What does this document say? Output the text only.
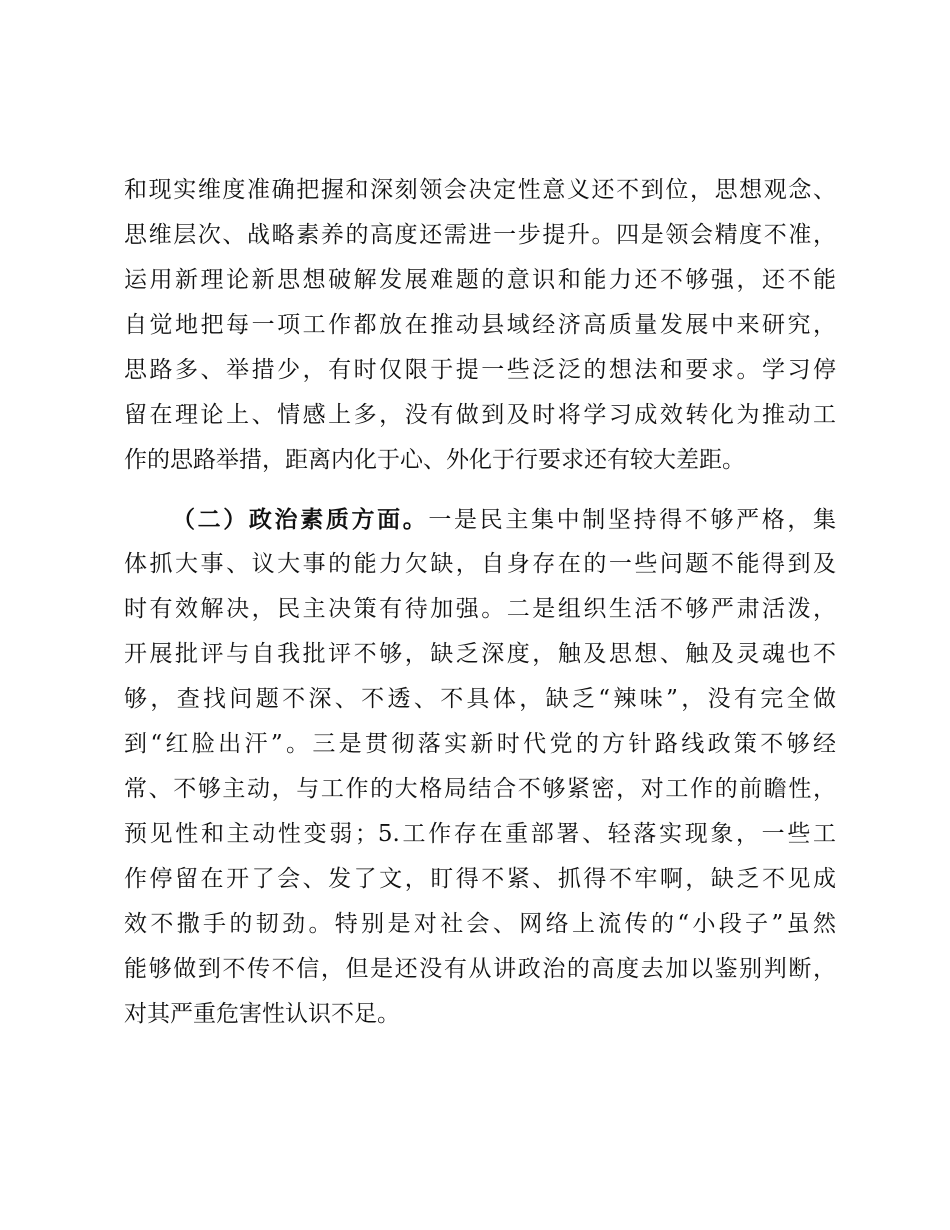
和现实维度准确把握和深刻领会决定性意义还不到位，思想观念、
思维层次、战略素养的高度还需进一步提升。四是领会精度不准，
运用新理论新思想破解发展难题的意识和能力还不够强，还不能
自觉地把每一项工作都放在推动县域经济高质量发展中来研究，
思路多、举措少，有时仅限于提一些泛泛的想法和要求。学习停
留在理论上、情感上多，没有做到及时将学习成效转化为推动工
作的思路举措，距离内化于心、外化于行要求还有较大差距。
（二）政治素质方面。一是民主集中制坚持得不够严格，集
体抓大事、议大事的能力欠缺，自身存在的一些问题不能得到及
时有效解决，民主决策有待加强。二是组织生活不够严肃活泼，
开展批评与自我批评不够，缺乏深度，触及思想、触及灵魂也不
够，查找问题不深、不透、不具体，缺乏“辣味”，没有完全做
到“红脸出汗”。三是贯彻落实新时代党的方针路线政策不够经
常、不够主动，与工作的大格局结合不够紧密，对工作的前瞻性，
预见性和主动性变弱；5.工作存在重部署、轻落实现象，一些工
作停留在开了会、发了文，盯得不紧、抓得不牢啊，缺乏不见成
效不撒手的韧劲。特别是对社会、网络上流传的“小段子”虽然
能够做到不传不信，但是还没有从讲政治的高度去加以鉴别判断，
对其严重危害性认识不足。
